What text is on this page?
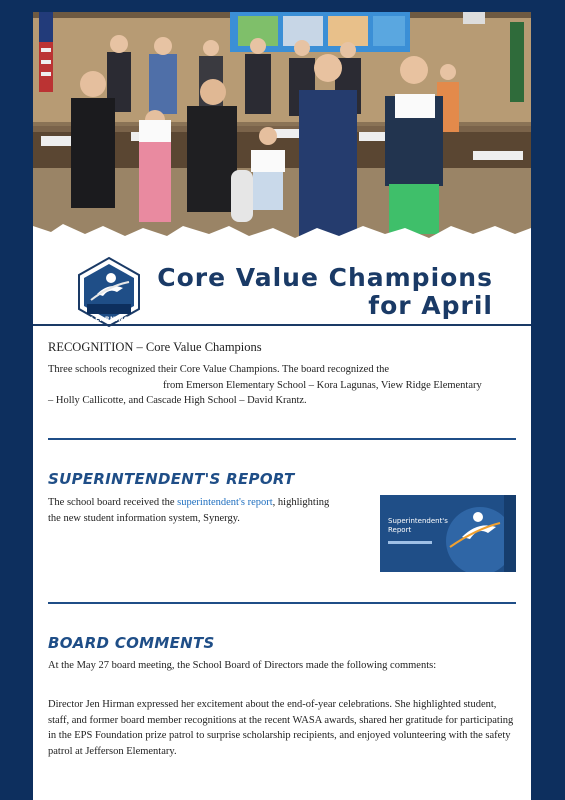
LEARNING
Core Value Champions
for April
RECOGNITION – Core Value Champions
Three schools recognized their Core Value Champions. The board recognized the
from Emerson Elementary School – Kora Lagunas, View Ridge Elementary
– Holly Callicotte, and Cascade High School – David Krantz.
SUPERINTENDENT'S REPORT
The school board received the superintendent's report, highlighting
the new student information system, Synergy.	Superintendent's
Report
BOARD COMMENTS
At the May 27 board meeting, the School Board of Directors made the following comments:
Director Jen Hirman expressed her excitement about the end-of-year celebrations. She highlighted student, staff, and former board member recognitions at the recent WASA awards, shared her gratitude for participating in the EPS Foundation prize patrol to surprise scholarship recipients, and enjoyed volunteering with the safety patrol at Jefferson Elementary.
